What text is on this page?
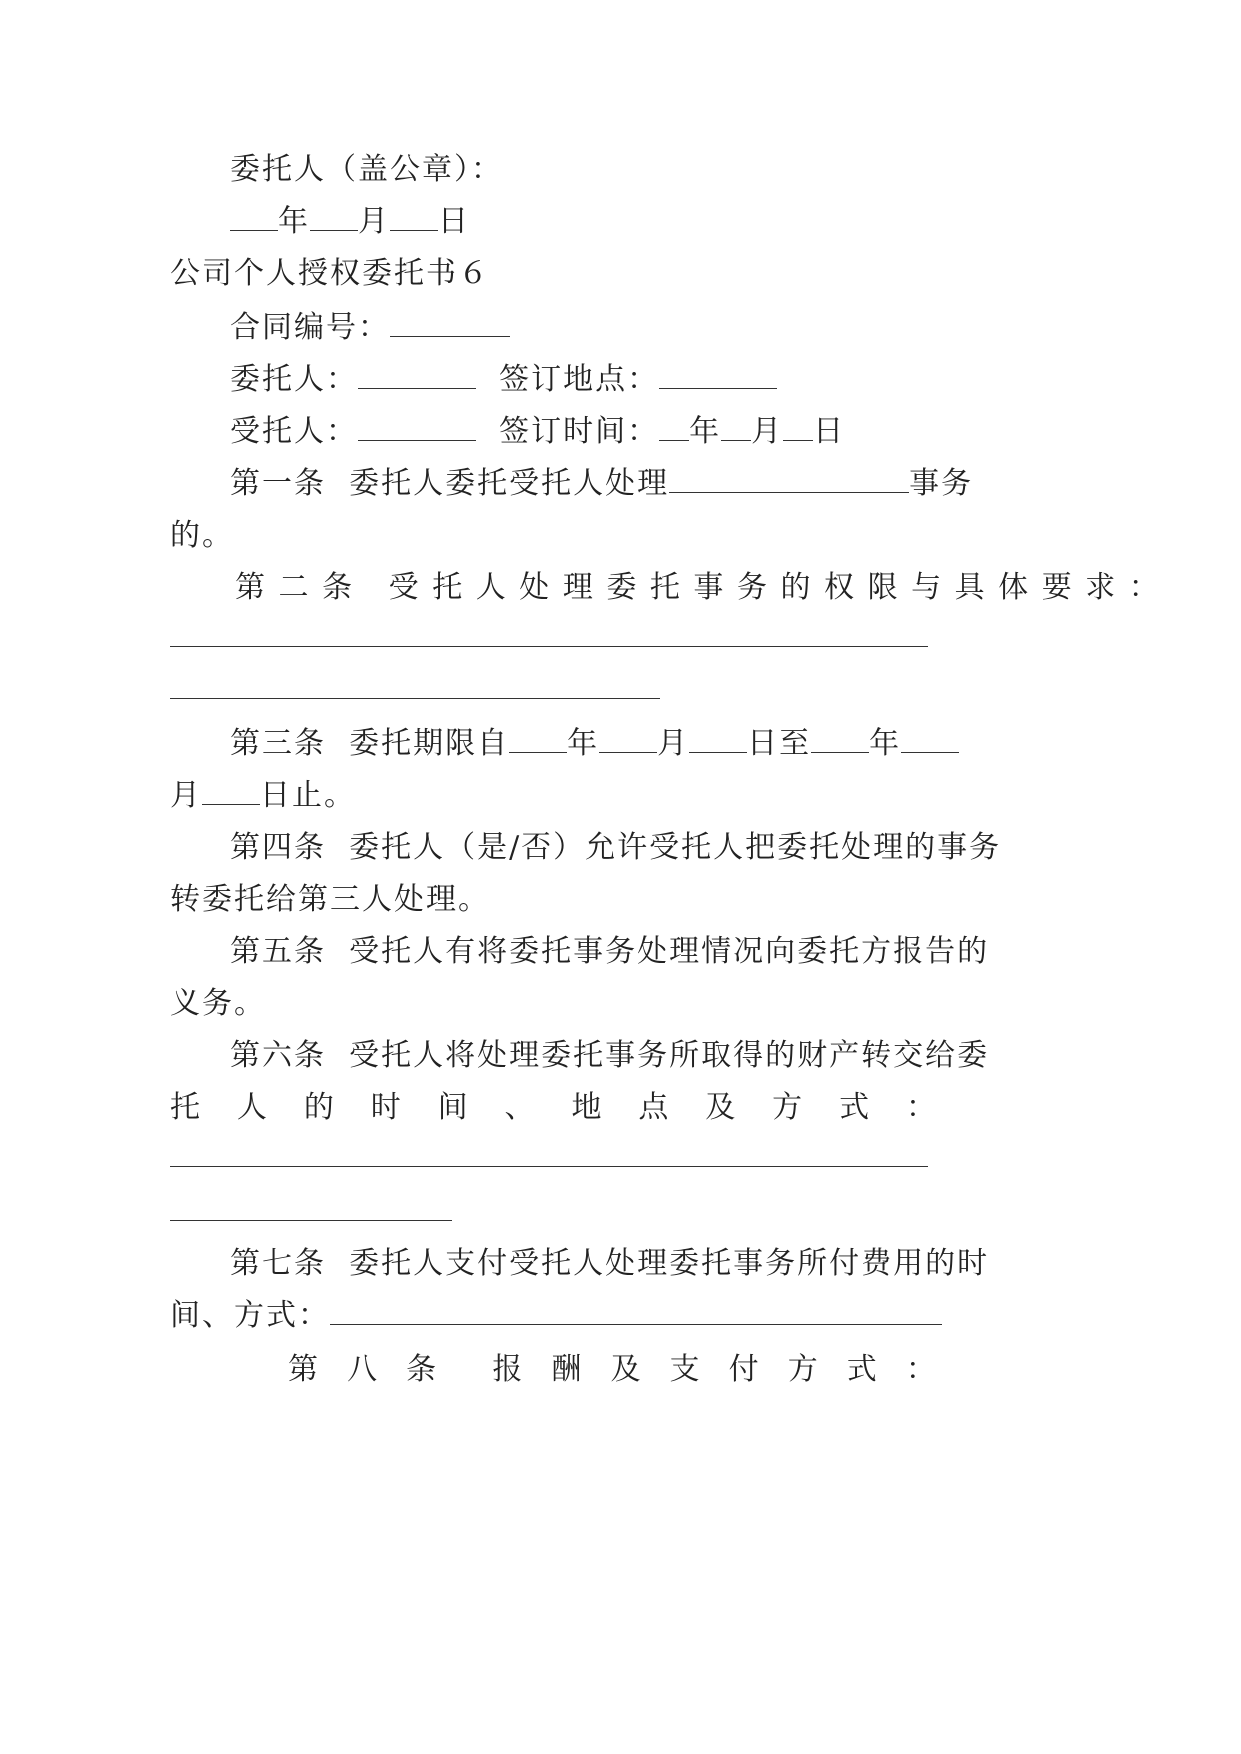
委托人（盖公章）：

年 月 日

公司个人授权委托书６

合同编号：

委托人：	签订地点：

受托人：	签订时间： 年 月 日

第一条  委托人委托受托人处理	事务

的。

第 二 条   受 托 人 处 理 委 托 事 务 的 权 限 与 具 体 要 求 ：

第三条  委托期限自 年 月 日至 年

月 日止。

第四条  委托人（是/否）允许受托人把委托处理的事务

转委托给第三人处理。

第五条  受托人有将委托事务处理情况向委托方报告的

义务。

第六条  受托人将处理委托事务所取得的财产转交给委

托 人 的 时 间 、 地 点 及 方 式 ：

第七条  委托人支付受托人处理委托事务所付费用的时

间、方式：

第 八 条 报 酬 及 支 付 方 式 ：
